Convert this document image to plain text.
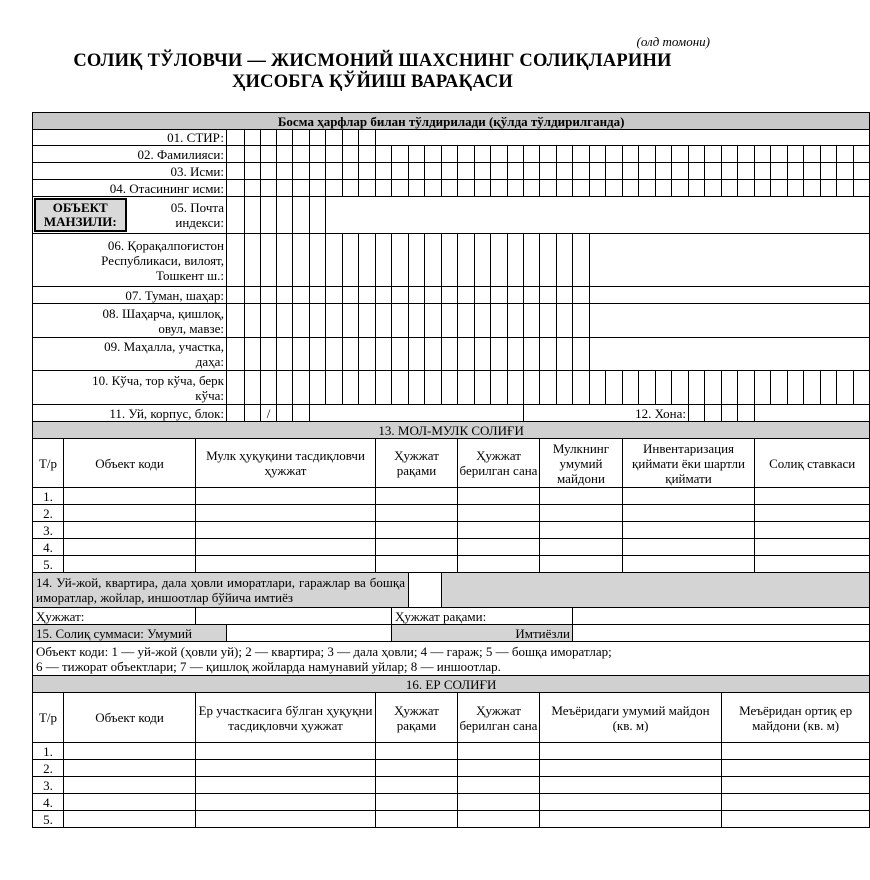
(олд томони)
СОЛИҚ ТЎЛОВЧИ — ЖИСМОНИЙ ШАХСНИНГ СОЛИҚЛАРИНИ
ҲИСОБГА ҚЎЙИШ ВАРАҚАСИ
Босма ҳарфлар билан тўлдирилади (қўлда тўлдирилганда)																																										
01. СТИР:																																										
02. Фамилияси:																																										
03. Исми:																																										
04. Отасининг исми:																																										

ОБЪЕКТ МАНЗИЛИ:		05. Почта
индекси:																																								

06. Қорақалпоғистон
Республикаси, вилоят,
Тошкент ш.:																																										

07. Туман, шаҳар:																																										

08. Шаҳарча, қишлоқ,
овул, мавзе:																																										

09. Маҳалла, участка,
даҳа:																																										

10. Кўча, тор кўча, берк
кўча:																																										

11. Уй, корпус, блок:						/																12. Хона:																				
13. МОЛ-МУЛК СОЛИҒИ																																										
Т/р	Объект коди		Мулк ҳуқуқини тасдиқловчи ҳужжат										Ҳужжат рақами					Ҳужжат берилган сана					Мулкнинг умумий майдони					Инвентаризация қиймати ёки шартли қиймати								Солиқ ставкаси						
1.																																										
2.																																										
3.																																										
4.																																										
5.																																										
14. Уй-жой, квартира, дала ҳовли иморатлари, гаражлар ва бошқа иморатлар, жойлар, иншоотлар бўйича имтиёз																																										
Ҳужжат:														Ҳужжат рақами:																												
15. Солиқ суммаси: Умумий														Имтиёзли																												

Объект коди: 1 — уй-жой (ҳовли уй); 2 — квартира; 3 — дала ҳовли; 4 — гараж; 5 — бошқа иморатлар;
6 — тижорат объектлари; 7 — қишлоқ жойларда намунавий уйлар; 8 — иншоотлар.																																										

16. ЕР СОЛИҒИ																																										
Т/р	Объект коди		Ер участкасига бўлган ҳуқуқни тасдиқловчи ҳужжат										Ҳужжат рақами					Ҳужжат берилган сана					Меъёридаги умумий майдон (кв. м)											Меъёридан ортиқ ер майдони (кв. м)								
1.																																										
2.																																										
3.																																										
4.																																										
5.																																										
